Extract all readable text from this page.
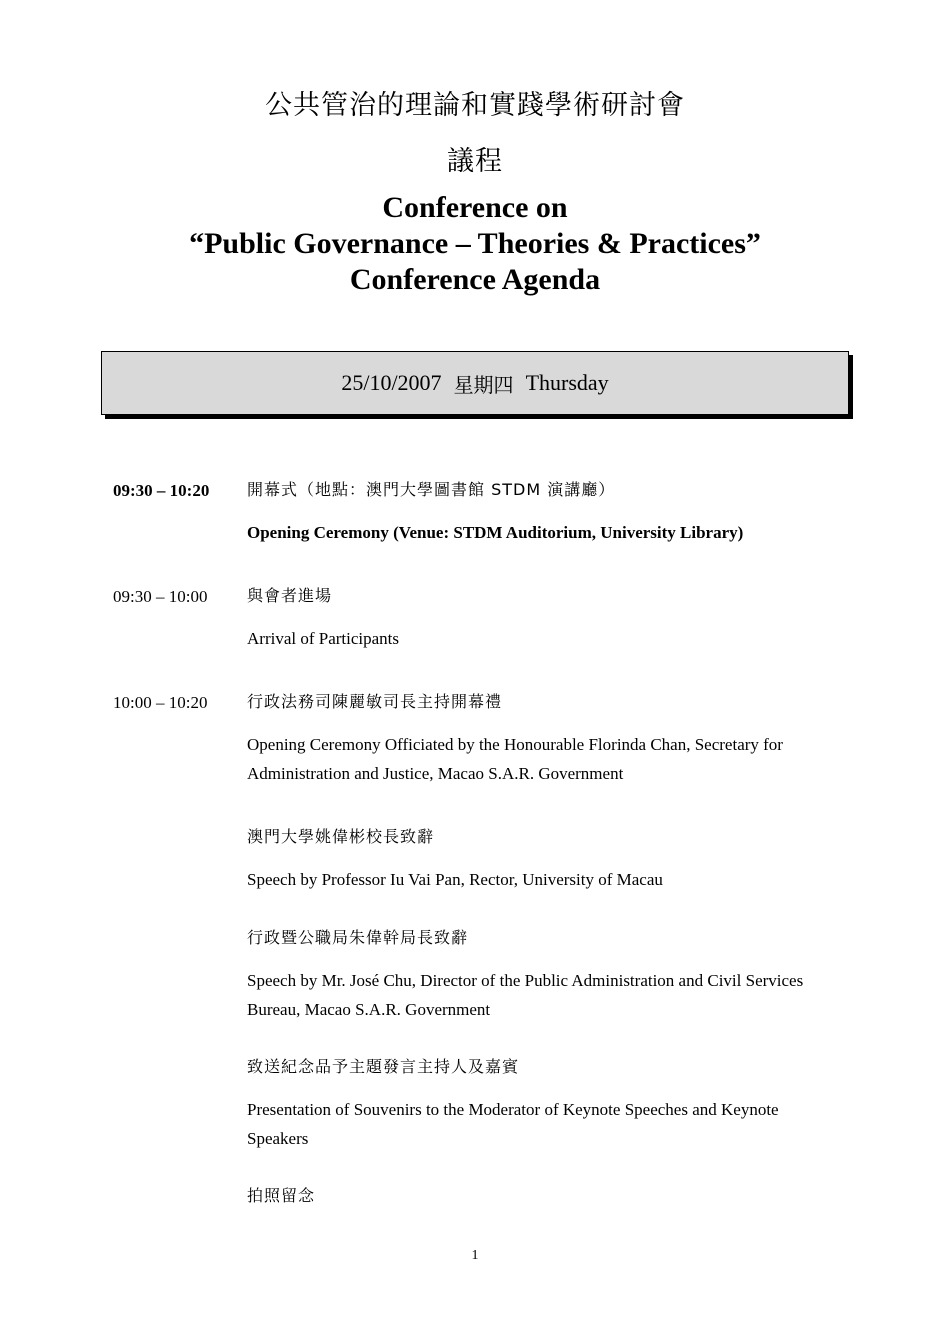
公共管治的理論和實踐學術研討會
議程
Conference on
“Public Governance – Theories & Practices”
Conference Agenda
25/10/2007 星期四 Thursday
09:30 – 10:20 開幕式（地點：澳門大學圖書館 STDM 演講廳）
Opening Ceremony (Venue: STDM Auditorium, University Library)
09:30 – 10:00 與會者進場
Arrival of Participants
10:00 – 10:20 行政法務司陳麗敏司長主持開幕禮
Opening Ceremony Officiated by the Honourable Florinda Chan, Secretary for Administration and Justice, Macao S.A.R. Government
澳門大學姚偉彬校長致辭
Speech by Professor Iu Vai Pan, Rector, University of Macau
行政暨公職局朱偉幹局長致辭
Speech by Mr. José Chu, Director of the Public Administration and Civil Services Bureau, Macao S.A.R. Government
致送紀念品予主題發言主持人及嘉賓
Presentation of Souvenirs to the Moderator of Keynote Speeches and Keynote Speakers
拍照留念
1
